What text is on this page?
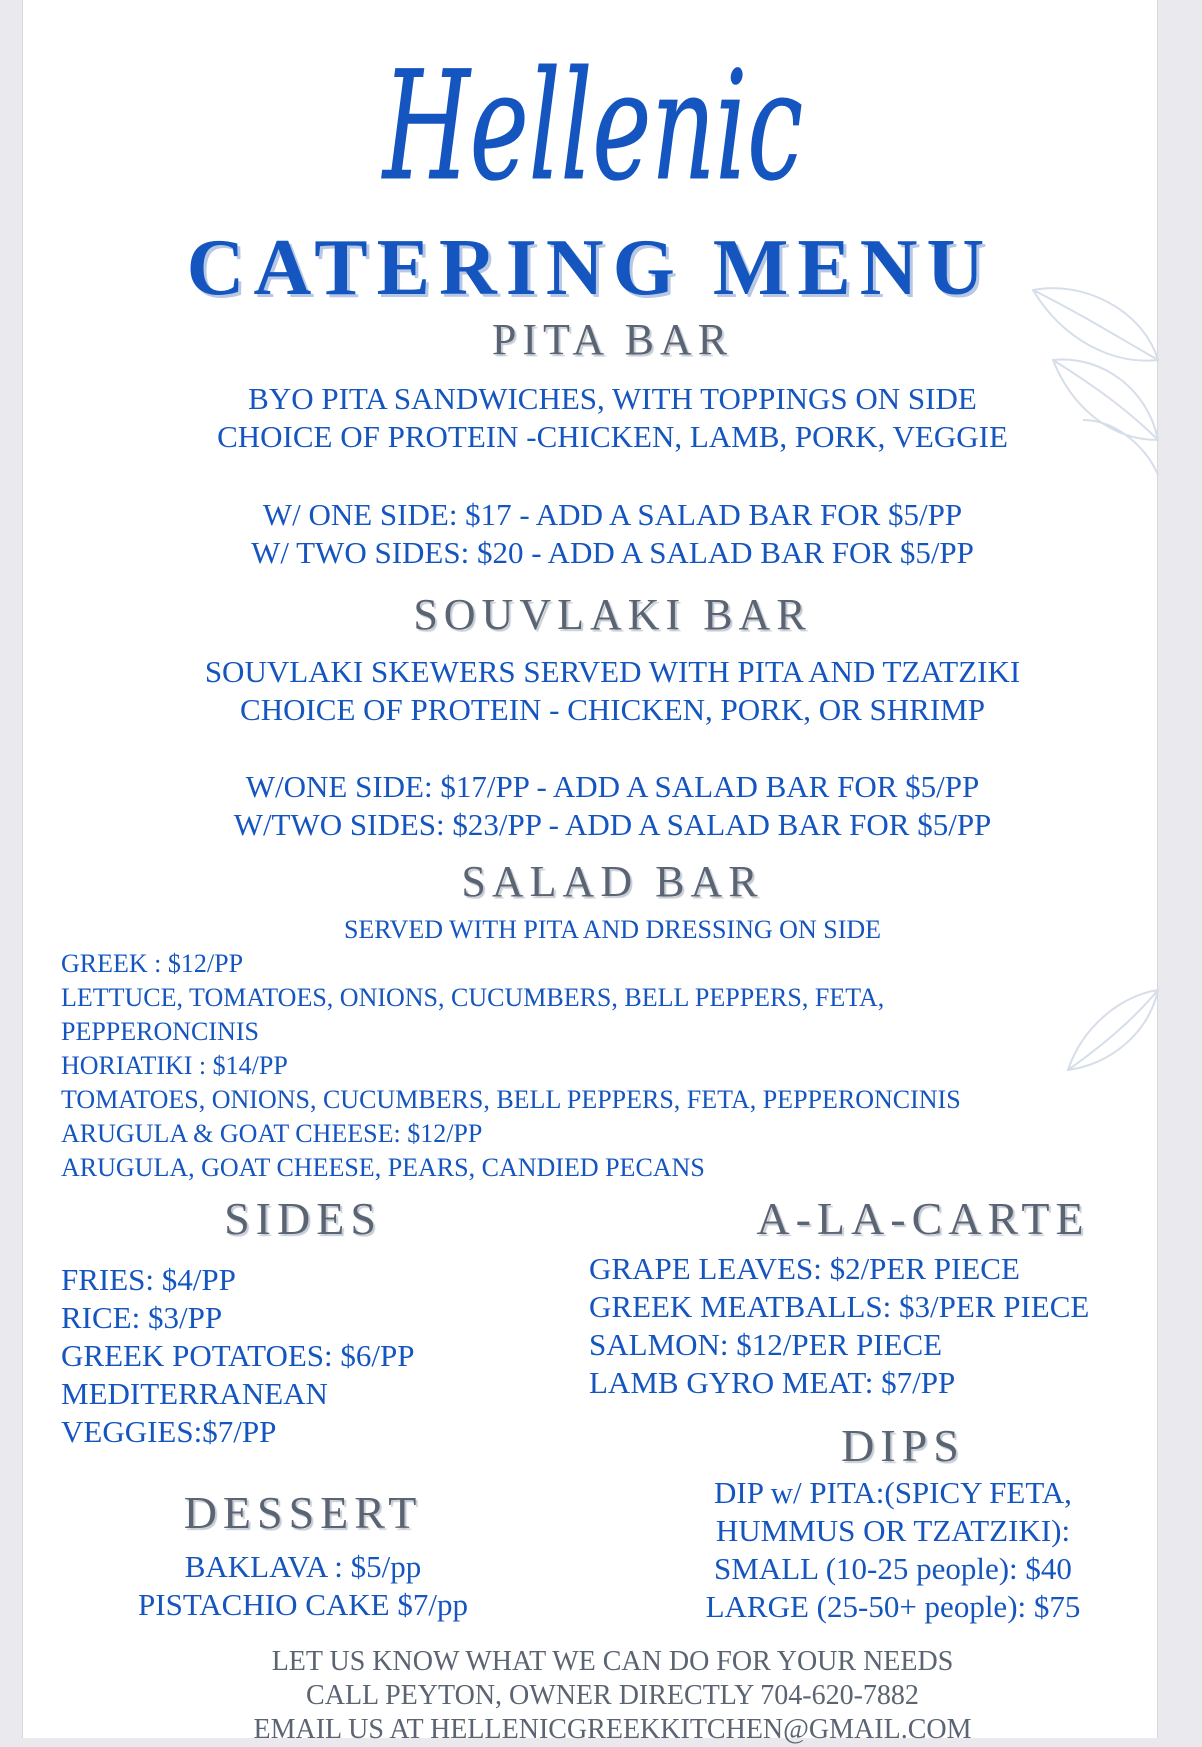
Hellenic
CATERING MENU
PITA BAR
BYO PITA SANDWICHES, WITH TOPPINGS ON SIDE
CHOICE OF PROTEIN -CHICKEN, LAMB, PORK, VEGGIE
W/ ONE SIDE: $17 - ADD A SALAD BAR FOR $5/PP
W/ TWO SIDES: $20 - ADD A SALAD BAR FOR $5/PP
SOUVLAKI BAR
SOUVLAKI SKEWERS SERVED WITH PITA AND TZATZIKI
CHOICE OF PROTEIN - CHICKEN, PORK, OR SHRIMP
W/ONE SIDE: $17/PP - ADD A SALAD BAR FOR $5/PP
W/TWO SIDES: $23/PP - ADD A SALAD BAR FOR $5/PP
SALAD BAR
SERVED WITH PITA AND DRESSING ON SIDE
GREEK : $12/PP
LETTUCE, TOMATOES, ONIONS, CUCUMBERS, BELL PEPPERS, FETA,
PEPPERONCINIS
HORIATIKI : $14/PP
TOMATOES, ONIONS, CUCUMBERS, BELL PEPPERS, FETA, PEPPERONCINIS
ARUGULA & GOAT CHEESE: $12/PP
ARUGULA, GOAT CHEESE, PEARS, CANDIED PECANS
SIDES
FRIES: $4/PP
RICE: $3/PP
GREEK POTATOES: $6/PP
MEDITERRANEAN
VEGGIES:$7/PP
A-LA-CARTE
GRAPE LEAVES: $2/PER PIECE
GREEK MEATBALLS: $3/PER PIECE
SALMON: $12/PER PIECE
LAMB GYRO MEAT: $7/PP
DESSERT
BAKLAVA : $5/pp
PISTACHIO CAKE $7/pp
DIPS
DIP w/ PITA:(SPICY FETA,
HUMMUS OR TZATZIKI):
SMALL (10-25 people): $40
LARGE (25-50+ people): $75
LET US KNOW WHAT WE CAN DO FOR YOUR NEEDS
CALL PEYTON, OWNER DIRECTLY 704-620-7882
EMAIL US AT HELLENICGREEKKITCHEN@GMAIL.COM
